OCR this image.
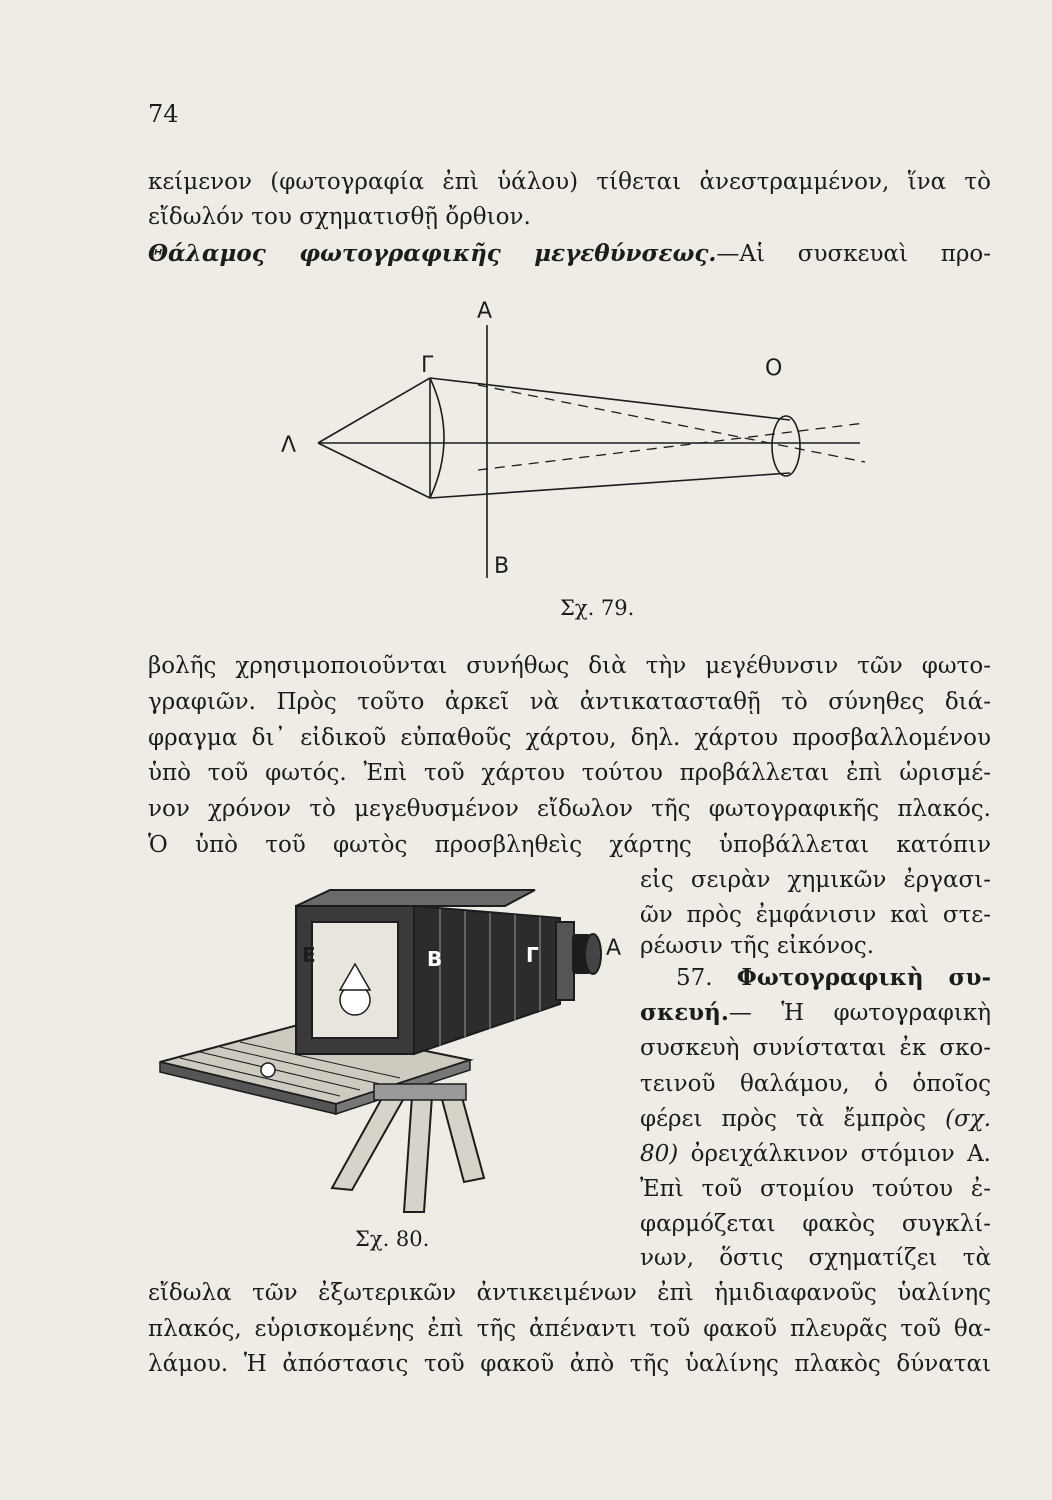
74
κείμενον (φωτογραφία ἐπὶ ὑάλου) τίθεται ἀνεστραμμένον, ἵνα τὸ
εἴδωλόν του σχηματισθῇ ὄρθιον.
Θάλαμος φωτογραφικῆς μεγεθύνσεως.—Αἱ συσκευαὶ προ-
Α
Λ
Γ	Ο
Β
Σχ. 79.
βολῆς χρησιμοποιοῦνται συνήθως διὰ τὴν μεγέθυνσιν τῶν φωτο-
γραφιῶν. Πρὸς τοῦτο ἀρκεῖ νὰ ἀντικατασταθῇ τὸ σύνηθες διά-
φραγμα δι᾽ εἰδικοῦ εὐπαθοῦς χάρτου, δηλ. χάρτου προσβαλλομένου
ὑπὸ τοῦ φωτός. Ἐπὶ τοῦ χάρτου τούτου προβάλλεται ἐπὶ ὡρισμέ-
νον χρόνον τὸ μεγεθυσμένον εἴδωλον τῆς φωτογραφικῆς πλακός.
Ὁ ὑπὸ τοῦ φωτὸς προσβληθεὶς χάρτης ὑποβάλλεται κατόπιν
εἰς σειρὰν χημικῶν ἐργασι-
ῶν πρὸς ἐμφάνισιν καὶ στε-
ρέωσιν τῆς εἰκόνος.
57. Φωτογραφικὴ συ-
σκευή.— Ἡ φωτογραφικὴ
συσκευὴ συνίσταται ἐκ σκο-
τεινοῦ θαλάμου, ὁ ὁποῖος
φέρει πρὸς τὰ ἔμπρὸς (σχ.
80) ὀρειχάλκινον στόμιον Α.
Ἐπὶ τοῦ στομίου τούτου ἐ-
φαρμόζεται φακὸς συγκλί-
νων, ὅστις σχηματίζει τὰ
Ε	Β	Γ	Α
Σχ. 80.
εἴδωλα τῶν ἐξωτερικῶν ἀντικειμένων ἐπὶ ἡμιδιαφανοῦς ὑαλίνης
πλακός, εὑρισκομένης ἐπὶ τῆς ἀπέναντι τοῦ φακοῦ πλευρᾶς τοῦ θα-
λάμου. Ἡ ἀπόστασις τοῦ φακοῦ ἀπὸ τῆς ὑαλίνης πλακὸς δύναται
